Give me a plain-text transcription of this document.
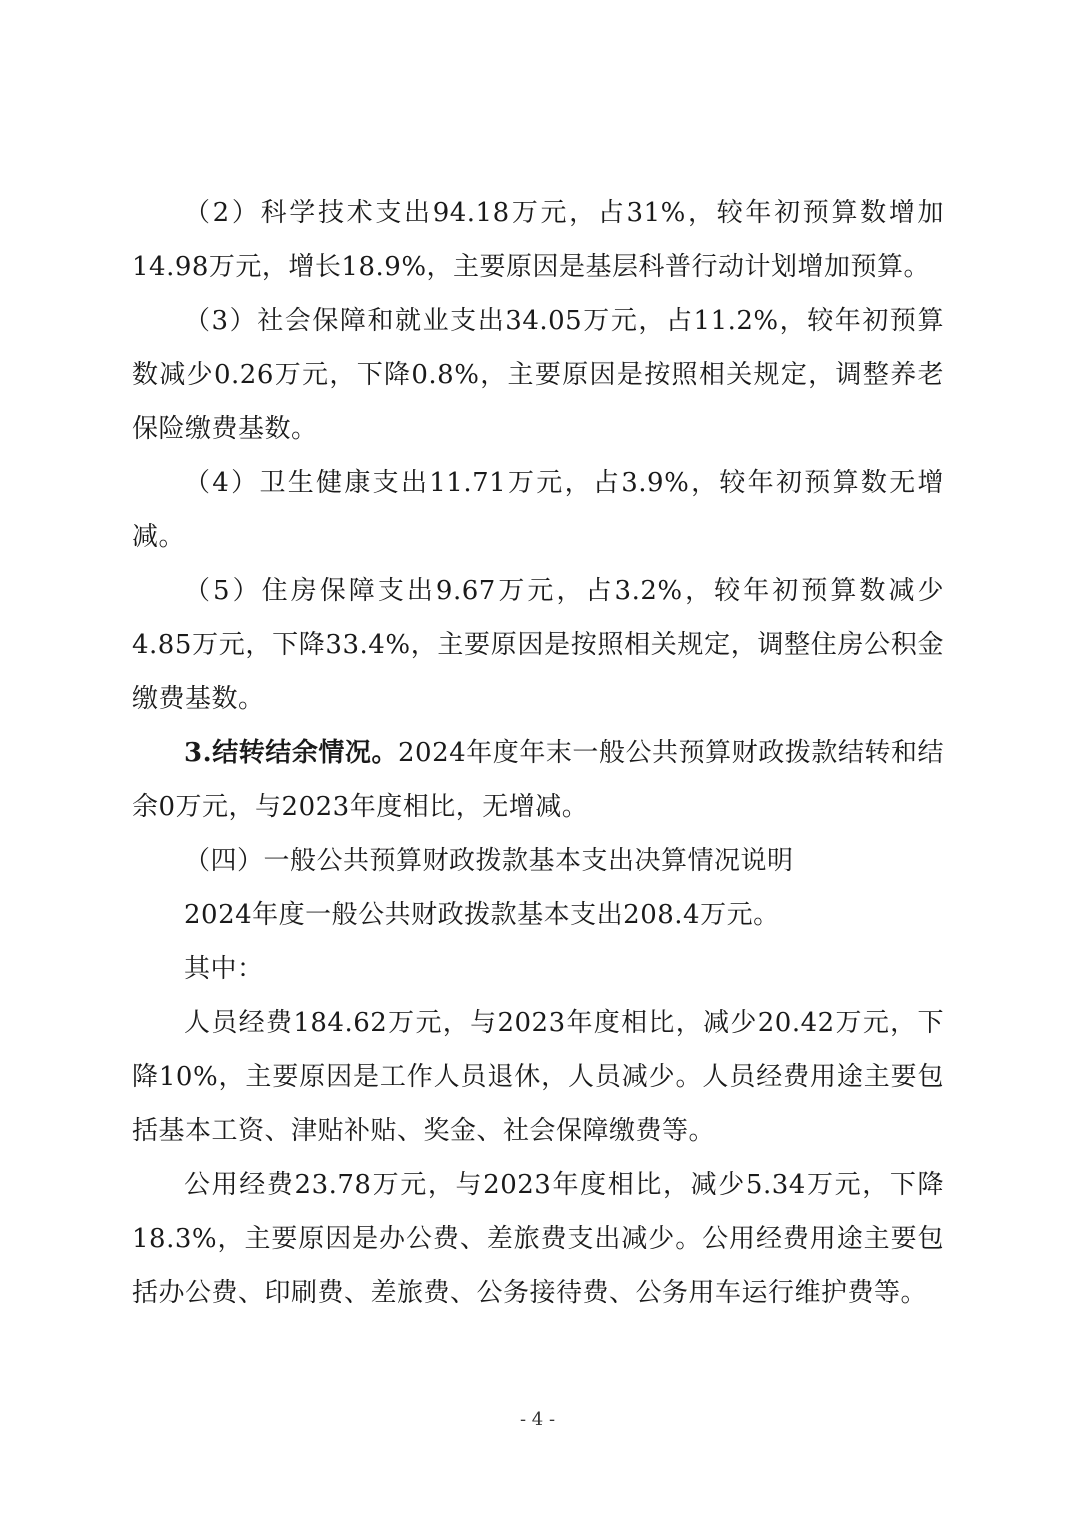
（2）科学技术支出94.18万元，占31%，较年初预算数增加14.98万元，增长18.9%，主要原因是基层科普行动计划增加预算。

（3）社会保障和就业支出34.05万元，占11.2%，较年初预算数减少0.26万元，下降0.8%，主要原因是按照相关规定，调整养老保险缴费基数。

（4）卫生健康支出11.71万元，占3.9%，较年初预算数无增减。

（5）住房保障支出9.67万元，占3.2%，较年初预算数减少4.85万元，下降33.4%，主要原因是按照相关规定，调整住房公积金缴费基数。

3.结转结余情况。2024年度年末一般公共预算财政拨款结转和结余0万元，与2023年度相比，无增减。

（四）一般公共预算财政拨款基本支出决算情况说明

2024年度一般公共财政拨款基本支出208.4万元。

其中：

人员经费184.62万元，与2023年度相比，减少20.42万元，下降10%，主要原因是工作人员退休，人员减少。人员经费用途主要包括基本工资、津贴补贴、奖金、社会保障缴费等。

公用经费23.78万元，与2023年度相比，减少5.34万元，下降18.3%，主要原因是办公费、差旅费支出减少。公用经费用途主要包括办公费、印刷费、差旅费、公务接待费、公务用车运行维护费等。

- 4 -
